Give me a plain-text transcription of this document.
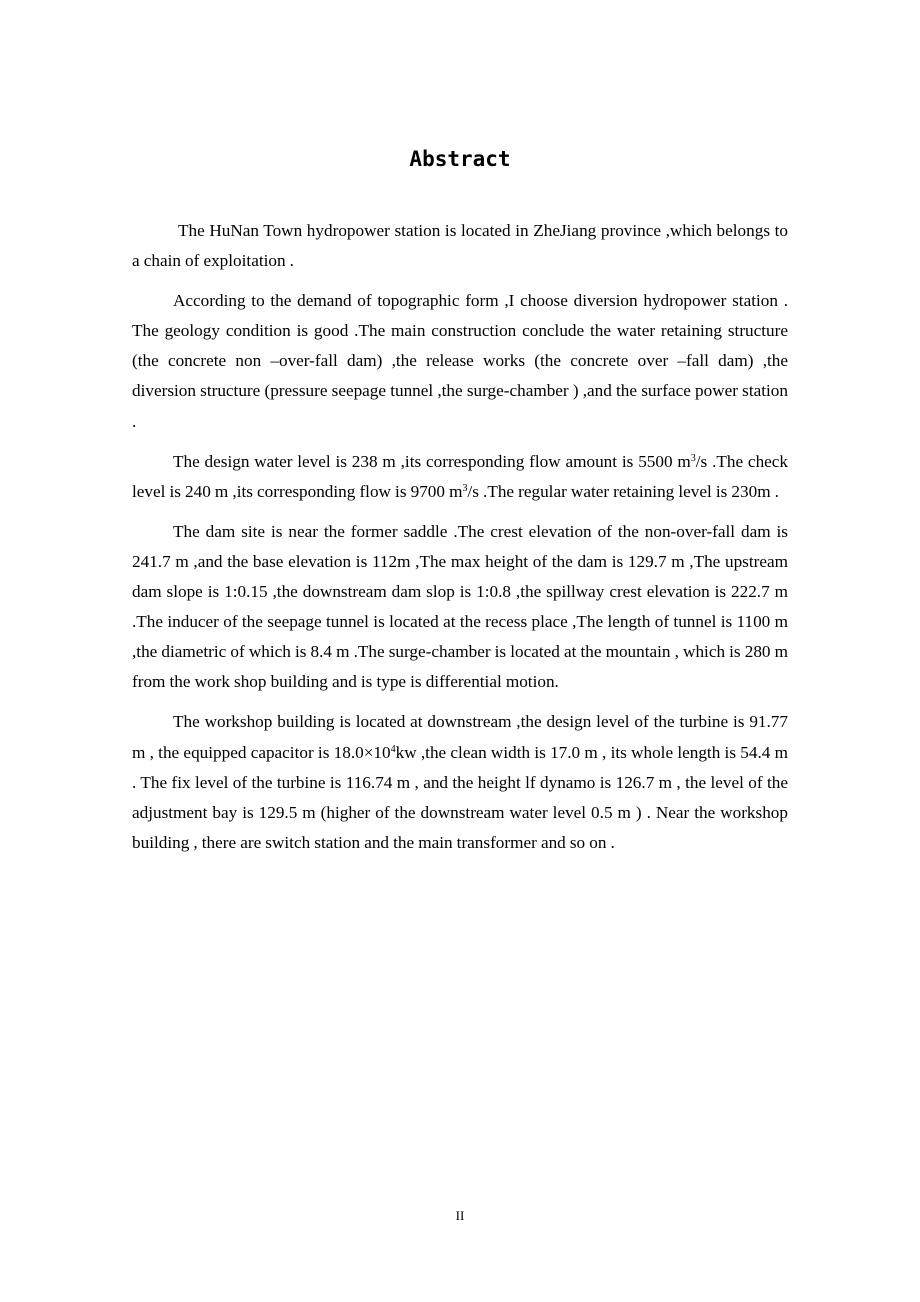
Abstract

The HuNan Town hydropower station is located in ZheJiang province ,which belongs to a chain of exploitation .

According to the demand of topographic form ,I choose diversion hydropower station . The geology condition is good .The main construction conclude the water retaining structure (the concrete non –over-fall dam) ,the release works (the concrete over –fall dam) ,the diversion structure (pressure seepage tunnel ,the surge-chamber ) ,and the surface power station .

The design water level is 238 m ,its corresponding flow amount is 5500 $m^3/s$ .The check level is 240 m ,its corresponding flow is 9700 $m^3/s$ .The regular water retaining level is 230m .

The dam site is near the former saddle .The crest elevation of the non-over-fall dam is 241.7 m ,and the base elevation is 112m ,The max height of the dam is 129.7 m ,The upstream dam slope is 1:0.15 ,the downstream dam slop is 1:0.8 ,the spillway crest elevation is 222.7 m .The inducer of the seepage tunnel is located at the recess place ,The length of tunnel is 1100 m ,the diametric of which is 8.4 m .The surge-chamber is located at the mountain , which is 280 m from the work shop building and is type is differential motion.

The workshop building is located at downstream ,the design level of the turbine is 91.77 m , the equipped capacitor is $18.0\times 10^4kw$ ,the clean width is 17.0 m , its whole length is 54.4 m . The fix level of the turbine is 116.74 m , and the height lf dynamo is 126.7 m , the level of the adjustment bay is 129.5 m (higher of the downstream water level 0.5 m ) . Near the workshop building , there are switch station and the main transformer and so on .

II
